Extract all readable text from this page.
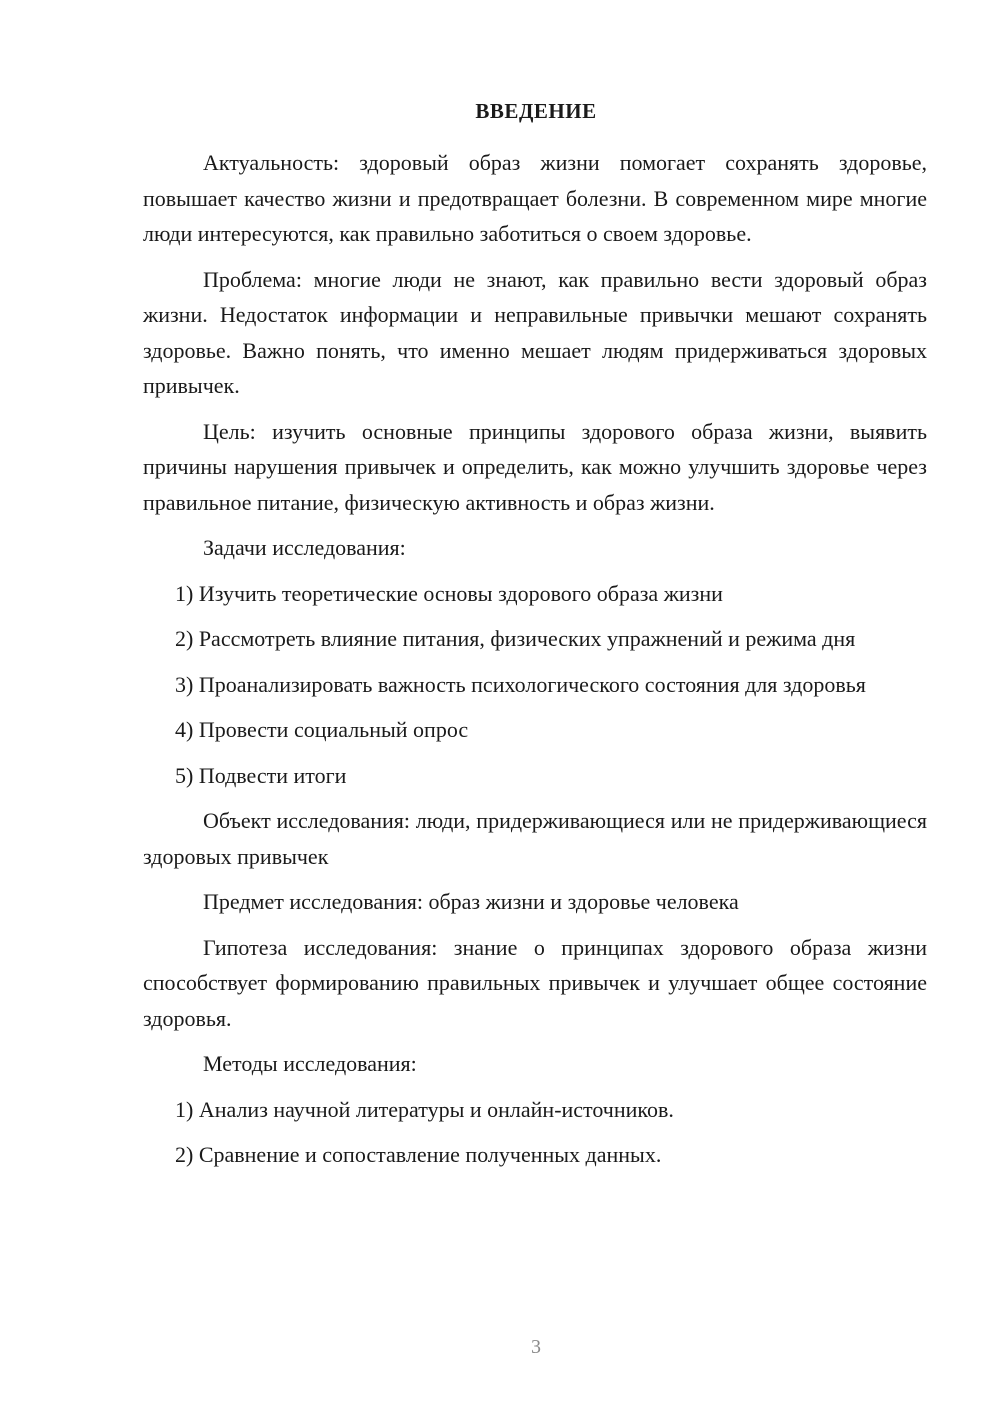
ВВЕДЕНИЕ

Актуальность: здоровый образ жизни помогает сохранять здоровье, повышает качество жизни и предотвращает болезни. В современном мире многие люди интересуются, как правильно заботиться о своем здоровье.

Проблема: многие люди не знают, как правильно вести здоровый образ жизни. Недостаток информации и неправильные привычки мешают сохранять здоровье. Важно понять, что именно мешает людям придерживаться здоровых привычек.

Цель: изучить основные принципы здорового образа жизни, выявить причины нарушения привычек и определить, как можно улучшить здоровье через правильное питание, физическую активность и образ жизни.

Задачи исследования:

1) Изучить теоретические основы здорового образа жизни

2) Рассмотреть влияние питания, физических упражнений и режима дня

3) Проанализировать важность психологического состояния для здоровья

4) Провести социальный опрос

5) Подвести итоги

Объект исследования: люди, придерживающиеся или не придерживающиеся здоровых привычек

Предмет исследования: образ жизни и здоровье человека

Гипотеза исследования: знание о принципах здорового образа жизни способствует формированию правильных привычек и улучшает общее состояние здоровья.

Методы исследования:

1) Анализ научной литературы и онлайн-источников.

2) Сравнение и сопоставление полученных данных.

3
